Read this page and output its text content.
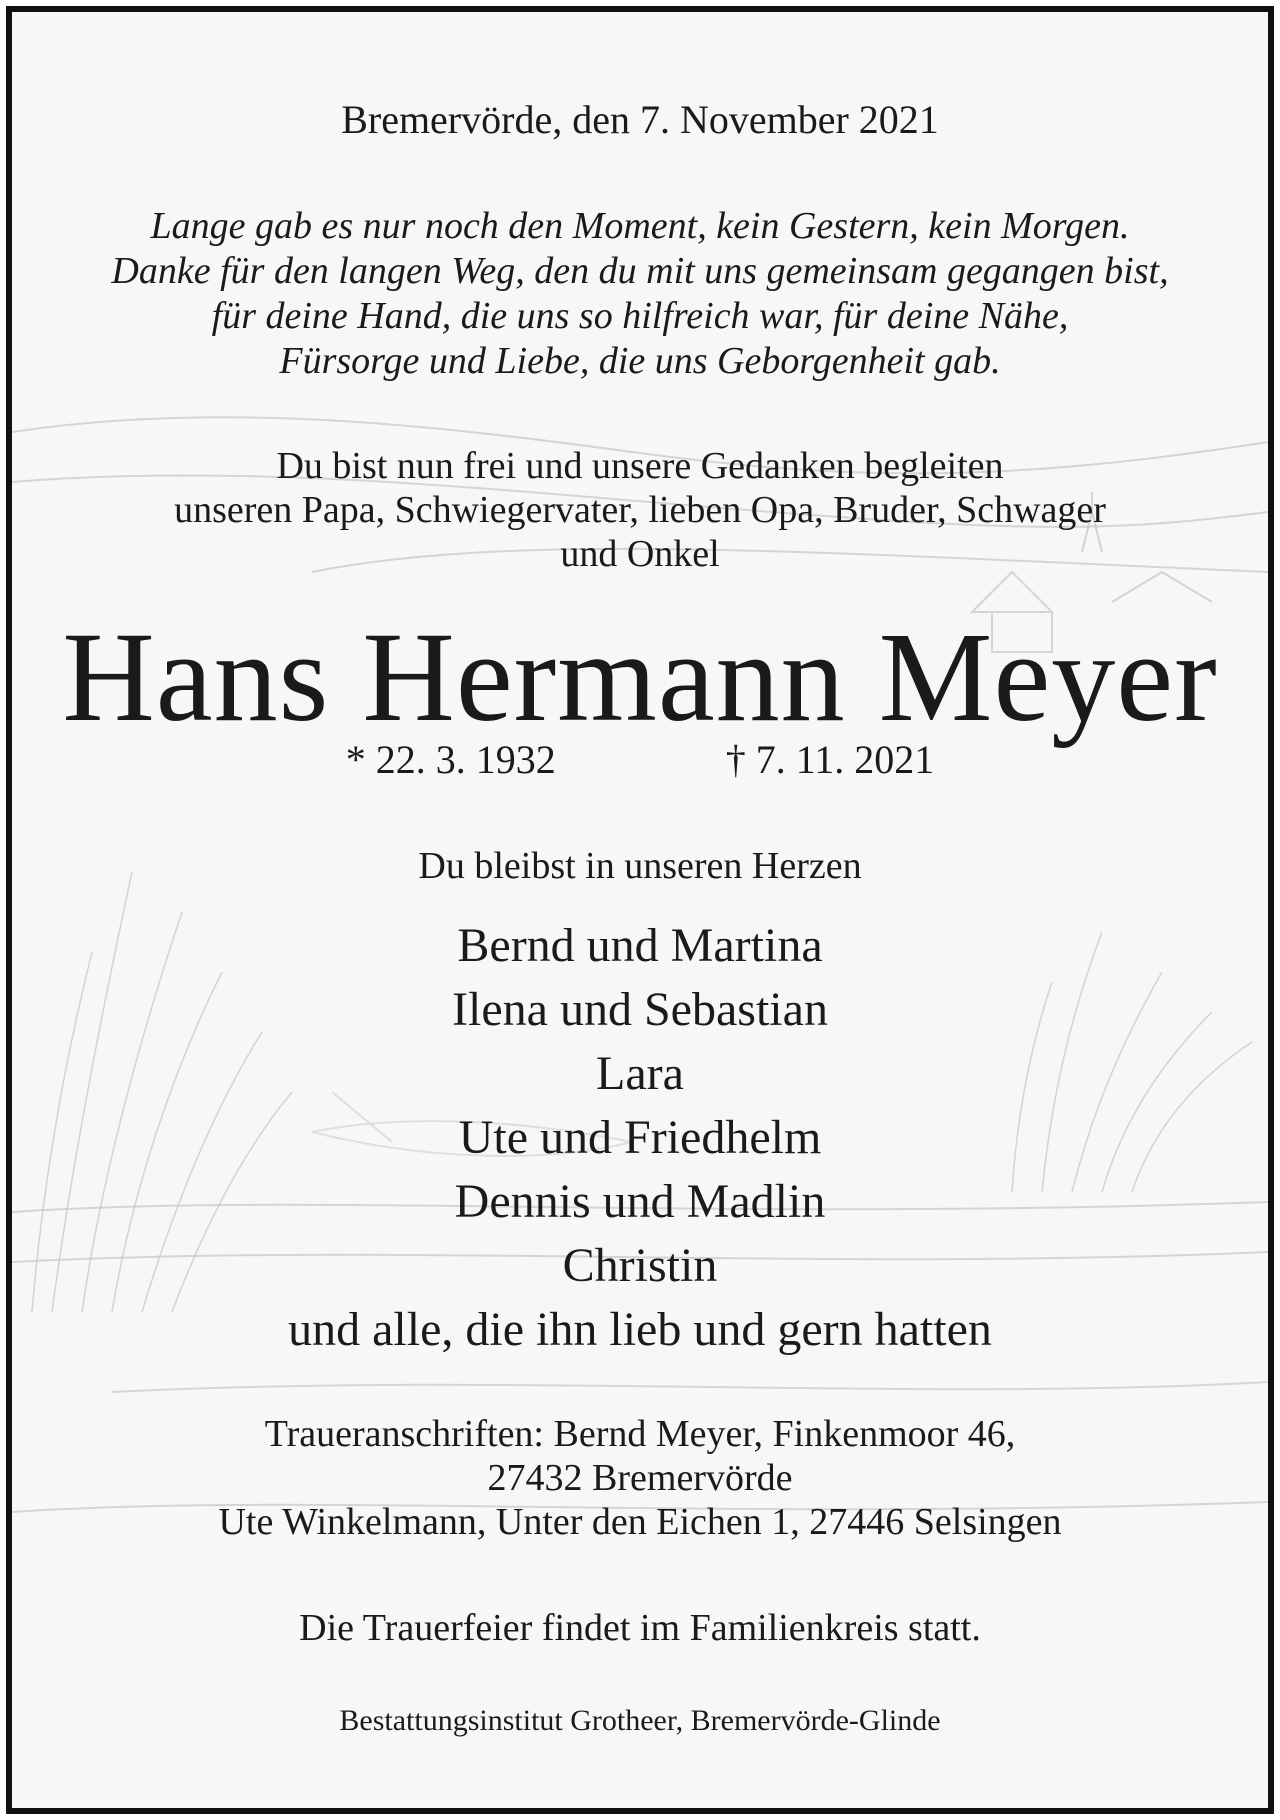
Bremervörde, den 7. November 2021
Lange gab es nur noch den Moment, kein Gestern, kein Morgen.
Danke für den langen Weg, den du mit uns gemeinsam gegangen bist,
für deine Hand, die uns so hilfreich war, für deine Nähe,
Fürsorge und Liebe, die uns Geborgenheit gab.
Du bist nun frei und unsere Gedanken begleiten
unseren Papa, Schwiegervater, lieben Opa, Bruder, Schwager
und Onkel
Hans Hermann Meyer
* 22. 3. 1932	† 7. 11. 2021
Du bleibst in unseren Herzen
Bernd und Martina
Ilena und Sebastian
Lara
Ute und Friedhelm
Dennis und Madlin
Christin
und alle, die ihn lieb und gern hatten
Traueranschriften: Bernd Meyer, Finkenmoor 46,
27432 Bremervörde
Ute Winkelmann, Unter den Eichen 1, 27446 Selsingen
Die Trauerfeier findet im Familienkreis statt.
Bestattungsinstitut Grotheer, Bremervörde-Glinde
